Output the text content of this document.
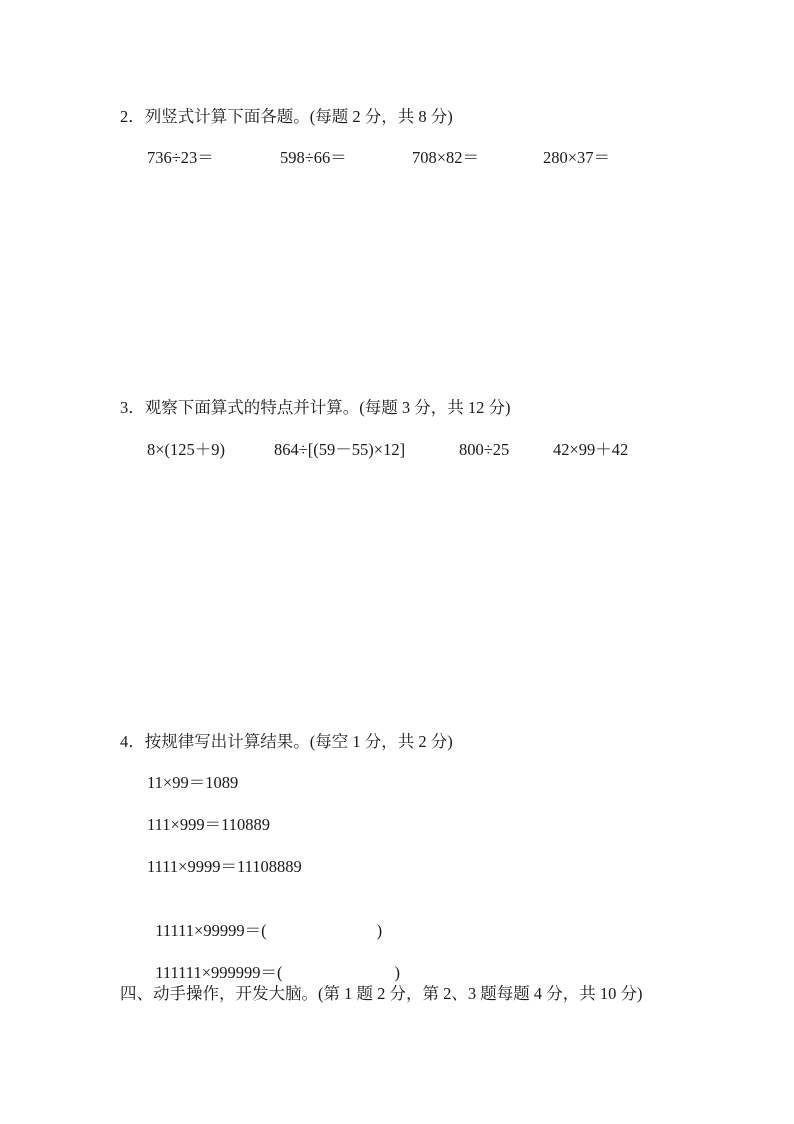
2．列竖式计算下面各题。(每题 2 分，共 8 分)

736÷23＝

	598÷66＝

	708×82＝

	280×37＝

3．观察下面算式的特点并计算。(每题 3 分，共 12 分)

8×(125＋9)

	864÷[(59－55)×12]

	800÷25

	42×99＋42

4．按规律写出计算结果。(每空 1 分，共 2 分)
11×99＝1089
111×999＝110889
1111×9999＝11108889

11111×99999＝(	)

111111×999999＝(	)

四、动手操作，开发大脑。(第 1 题 2 分，第 2、3 题每题 4 分，共 10 分)
